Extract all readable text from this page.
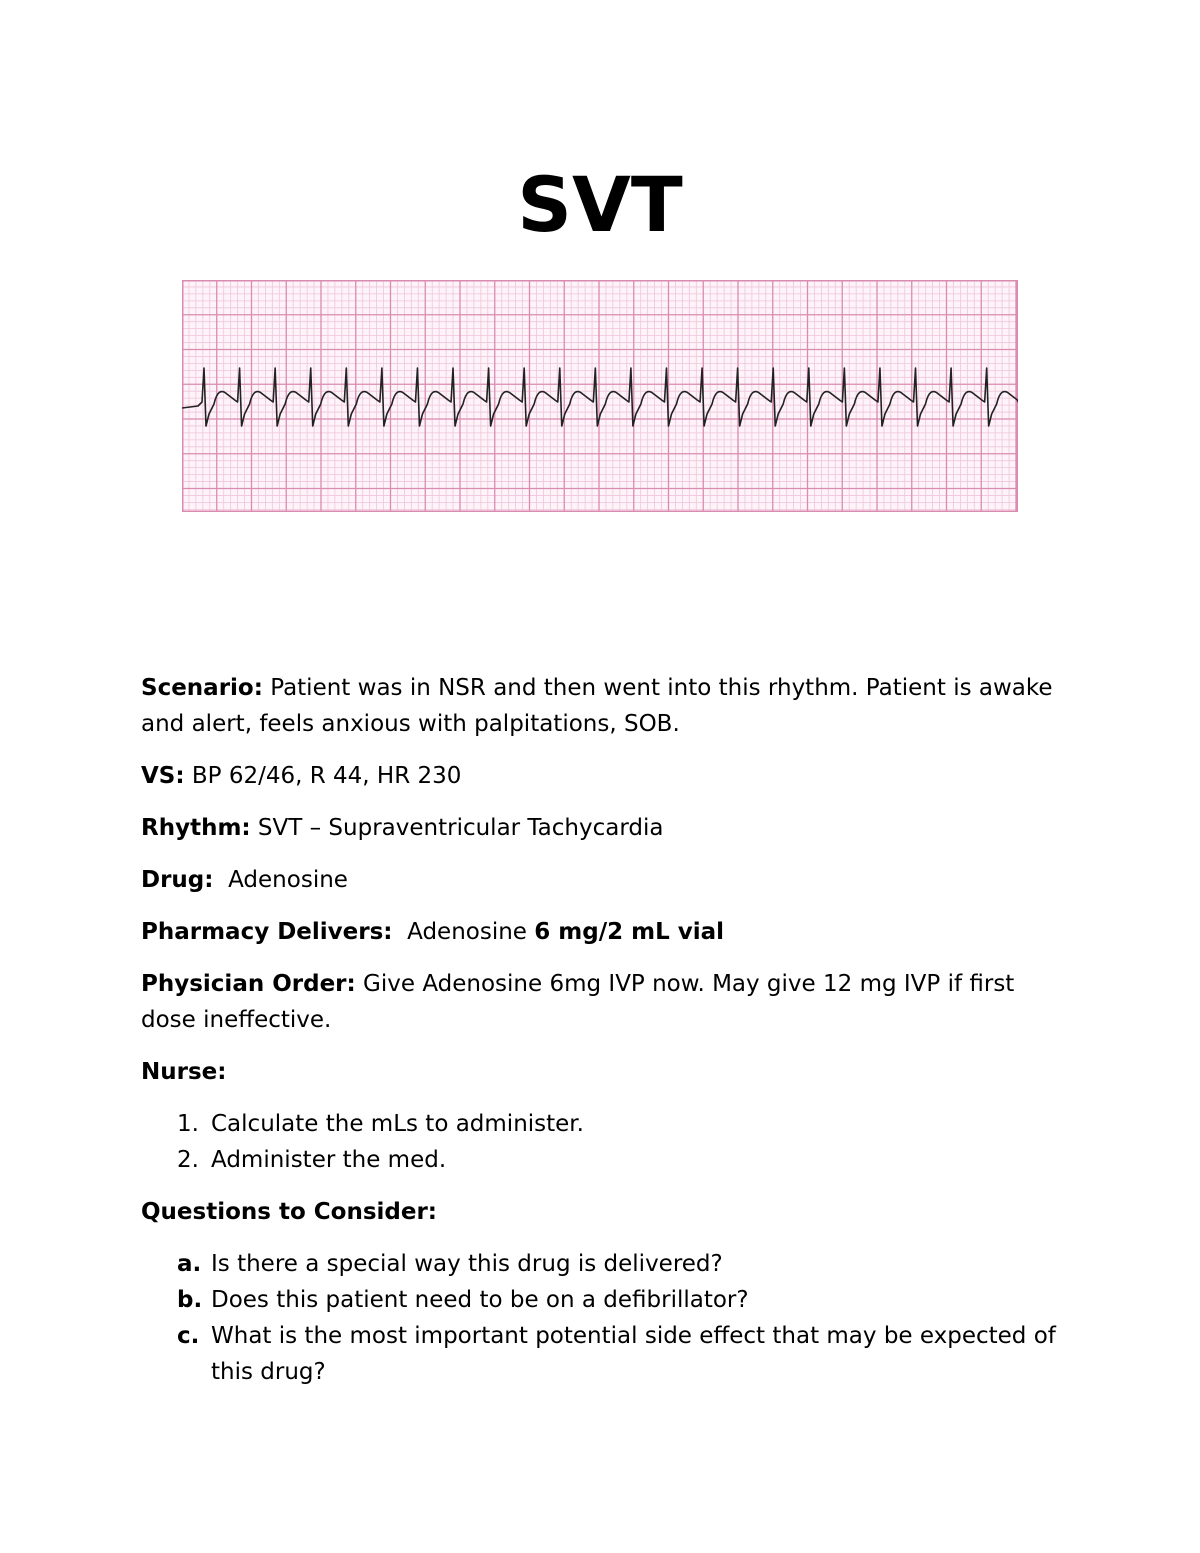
SVT

Scenario: Patient was in NSR and then went into this rhythm. Patient is awake and alert, feels anxious with palpitations, SOB.

VS: BP 62/46, R 44, HR 230

Rhythm: SVT – Supraventricular Tachycardia

Drug:  Adenosine

Pharmacy Delivers:  Adenosine 6 mg/2 mL vial

Physician Order: Give Adenosine 6mg IVP now. May give 12 mg IVP if first dose ineffective.

Nurse:

1. Calculate the mLs to administer.
2. Administer the med.

Questions to Consider:

a. Is there a special way this drug is delivered?
b. Does this patient need to be on a defibrillator?
c. What is the most important potential side effect that may be expected of this drug?
